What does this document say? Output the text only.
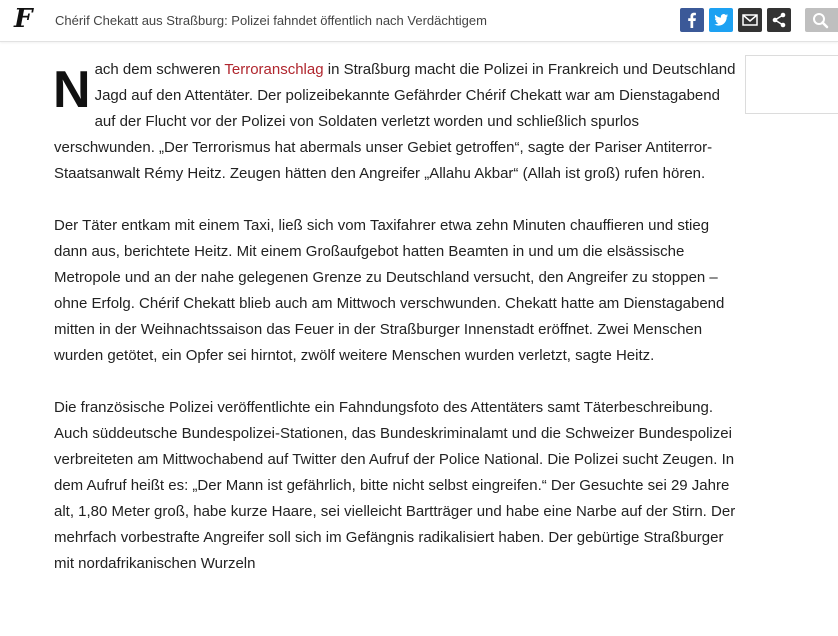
F Chérif Chekatt aus Straßburg: Polizei fahndet öffentlich nach Verdächtigem

Nach dem schweren Terroranschlag in Straßburg macht die Polizei in Frankreich und Deutschland Jagd auf den Attentäter. Der polizeibekannte Gefährder Chérif Chekatt war am Dienstagabend auf der Flucht vor der Polizei von Soldaten verletzt worden und schließlich spurlos verschwunden. „Der Terrorismus hat abermals unser Gebiet getroffen“, sagte der Pariser Antiterror-Staatsanwalt Rémy Heitz. Zeugen hätten den Angreifer „Allahu Akbar“ (Allah ist groß) rufen hören.

Der Täter entkam mit einem Taxi, ließ sich vom Taxifahrer etwa zehn Minuten chauffieren und stieg dann aus, berichtete Heitz. Mit einem Großaufgebot hatten Beamten in und um die elsässische Metropole und an der nahe gelegenen Grenze zu Deutschland versucht, den Angreifer zu stoppen – ohne Erfolg. Chérif Chekatt blieb auch am Mittwoch verschwunden. Chekatt hatte am Dienstagabend mitten in der Weihnachtssaison das Feuer in der Straßburger Innenstadt eröffnet. Zwei Menschen wurden getötet, ein Opfer sei hirntot, zwölf weitere Menschen wurden verletzt, sagte Heitz.

Die französische Polizei veröffentlichte ein Fahndungsfoto des Attentäters samt Täterbeschreibung. Auch süddeutsche Bundespolizei-Stationen, das Bundeskriminalamt und die Schweizer Bundespolizei verbreiteten am Mittwochabend auf Twitter den Aufruf der Police National. Die Polizei sucht Zeugen. In dem Aufruf heißt es: „Der Mann ist gefährlich, bitte nicht selbst eingreifen.“ Der Gesuchte sei 29 Jahre alt, 1,80 Meter groß, habe kurze Haare, sei vielleicht Bartträger und habe eine Narbe auf der Stirn. Der mehrfach vorbestrafte Angreifer soll sich im Gefängnis radikalisiert haben. Der gebürtige Straßburger mit nordafrikanischen Wurzeln
